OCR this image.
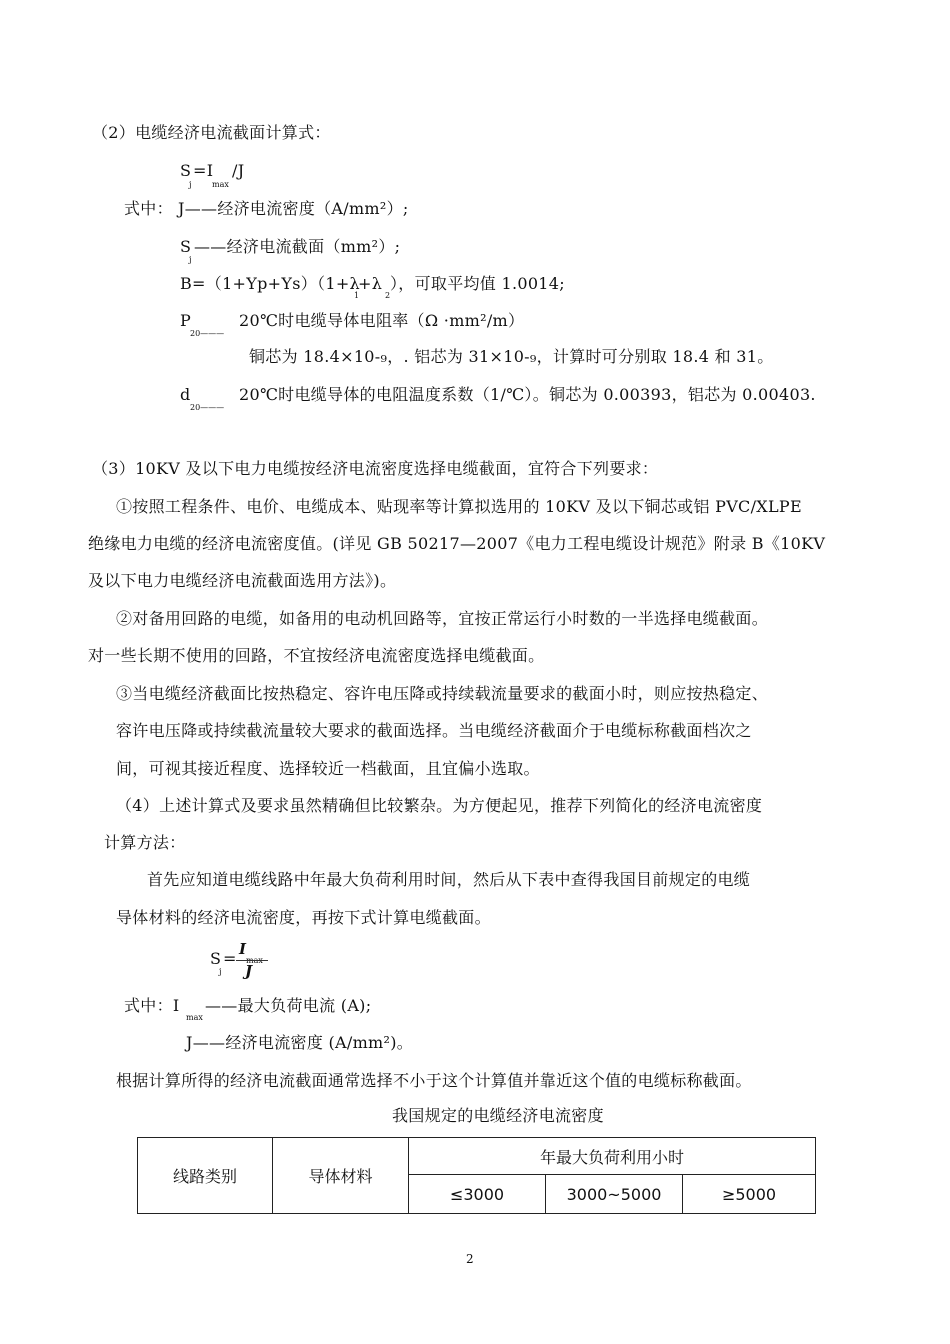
（2）电缆经济电流截面计算式：
S
j
=I
max
/J
式中： J——经济电流密度（A/mm²）;
S
j
——经济电流截面（mm²）;
B=（1+Yp+Ys）（1+λ
1
+λ
2
），可取平均值 1.0014;
P
20———
20℃时电缆导体电阻率（Ω ·mm²/m）
铜芯为 18.4×10-₉，. 铝芯为 31×10-₉，计算时可分别取 18.4 和 31。
d
20———
20℃时电缆导体的电阻温度系数（1/℃）。铜芯为 0.00393，铝芯为 0.00403.
（3）10KV 及以下电力电缆按经济电流密度选择电缆截面，宜符合下列要求：
①按照工程条件、电价、电缆成本、贴现率等计算拟选用的 10KV 及以下铜芯或铝 PVC/XLPE
绝缘电力电缆的经济电流密度值。(详见 GB 50217—2007《电力工程电缆设计规范》附录 B《10KV
及以下电力电缆经济电流截面选用方法》)。
②对备用回路的电缆，如备用的电动机回路等，宜按正常运行小时数的一半选择电缆截面。
对一些长期不使用的回路，不宜按经济电流密度选择电缆截面。
③当电缆经济截面比按热稳定、容许电压降或持续载流量要求的截面小时，则应按热稳定、
容许电压降或持续截流量较大要求的截面选择。当电缆经济截面介于电缆标称截面档次之
间，可视其接近程度、选择较近一档截面，且宜偏小选取。
（4）上述计算式及要求虽然精确但比较繁杂。为方便起见，推荐下列简化的经济电流密度
计算方法：
首先应知道电缆线路中年最大负荷利用时间，然后从下表中查得我国目前规定的电缆
导体材料的经济电流密度，再按下式计算电缆截面。
S
j
= I
max
J
式中：I
max
——最大负荷电流 (A);
J——经济电流密度 (A/mm²)。
根据计算所得的经济电流截面通常选择不小于这个计算值并靠近这个值的电缆标称截面。
我国规定的电缆经济电流密度
线路类别	导体材料	年最大负荷利用小时		
		≤3000	3000~5000	≥5000
2
